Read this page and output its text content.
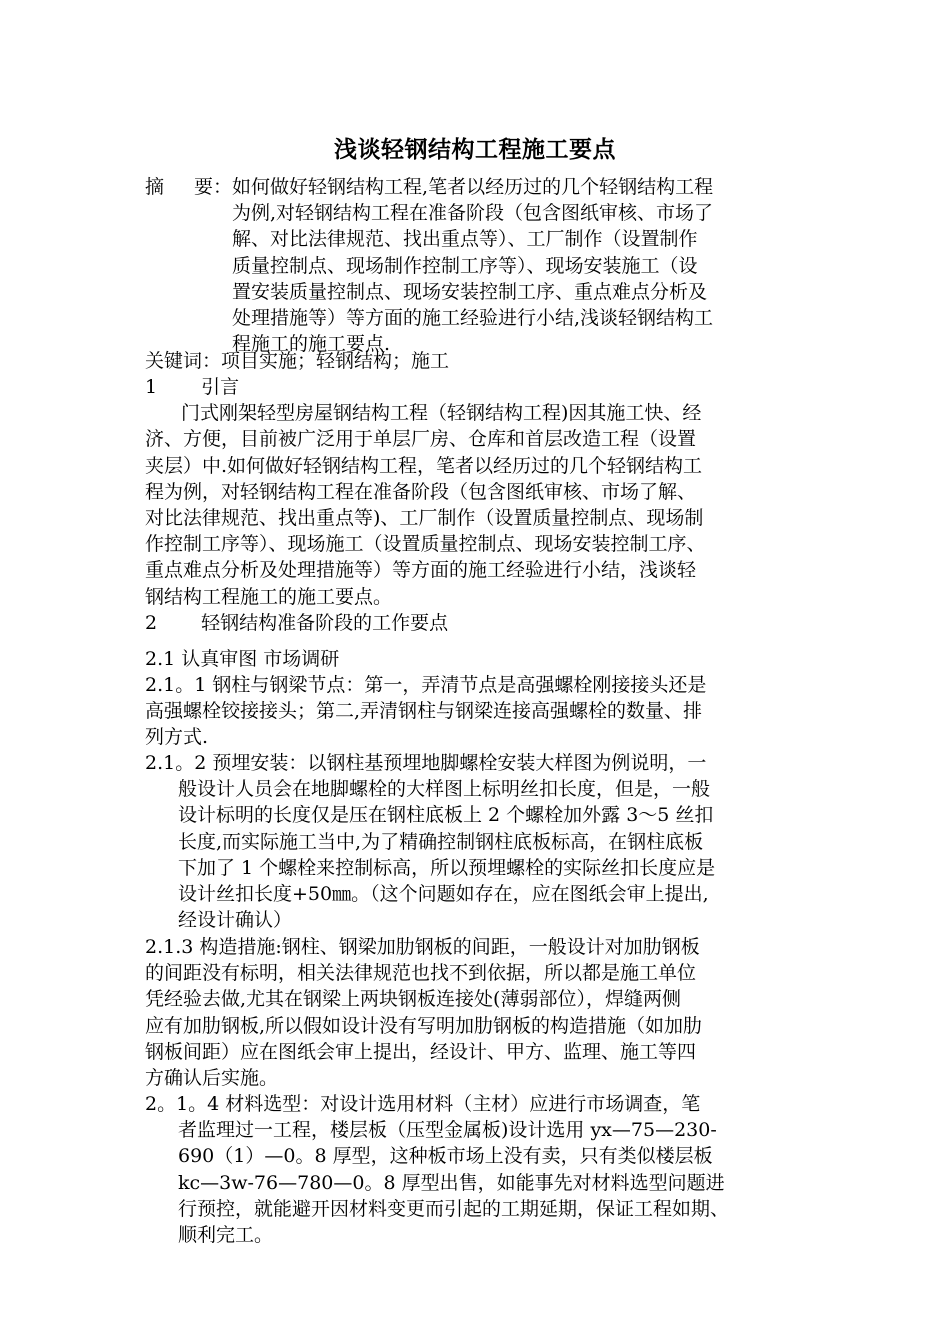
浅谈轻钢结构工程施工要点
摘 要：如何做好轻钢结构工程,笔者以经历过的几个轻钢结构工程
为例,对轻钢结构工程在准备阶段（包含图纸审核、市场了
解、对比法律规范、找出重点等）、工厂制作（设置制作
质量控制点、现场制作控制工序等）、现场安装施工（设
置安装质量控制点、现场安装控制工序、重点难点分析及
处理措施等）等方面的施工经验进行小结,浅谈轻钢结构工
程施工的施工要点.
关键词：项目实施；轻钢结构；施工
1 引言
门式刚架轻型房屋钢结构工程（轻钢结构工程)因其施工快、经
济、方便，目前被广泛用于单层厂房、仓库和首层改造工程（设置
夹层）中.如何做好轻钢结构工程，笔者以经历过的几个轻钢结构工
程为例，对轻钢结构工程在准备阶段（包含图纸审核、市场了解、
对比法律规范、找出重点等)、工厂制作（设置质量控制点、现场制
作控制工序等）、现场施工（设置质量控制点、现场安装控制工序、
重点难点分析及处理措施等）等方面的施工经验进行小结，浅谈轻
钢结构工程施工的施工要点。
2 轻钢结构准备阶段的工作要点
2.1 认真审图 市场调研
2.1。1 钢柱与钢梁节点：第一，弄清节点是高强螺栓刚接接头还是
高强螺栓铰接接头；第二,弄清钢柱与钢梁连接高强螺栓的数量、排
列方式.
2.1。2 预埋安装：以钢柱基预埋地脚螺栓安装大样图为例说明，一
般设计人员会在地脚螺栓的大样图上标明丝扣长度，但是，一般
设计标明的长度仅是压在钢柱底板上 2 个螺栓加外露 3～5 丝扣
长度,而实际施工当中,为了精确控制钢柱底板标高，在钢柱底板
下加了 1 个螺栓来控制标高，所以预埋螺栓的实际丝扣长度应是
设计丝扣长度+50㎜。（这个问题如存在，应在图纸会审上提出,
经设计确认）
2.1.3 构造措施:钢柱、钢梁加肋钢板的间距，一般设计对加肋钢板
的间距没有标明，相关法律规范也找不到依据，所以都是施工单位
凭经验去做,尤其在钢梁上两块钢板连接处(薄弱部位），焊缝两侧
应有加肋钢板,所以假如设计没有写明加肋钢板的构造措施（如加肋
钢板间距）应在图纸会审上提出，经设计、甲方、监理、施工等四
方确认后实施。
2。1。4 材料选型：对设计选用材料（主材）应进行市场调查，笔
者监理过一工程，楼层板（压型金属板)设计选用 yx—75—230-
690（1）—0。8 厚型，这种板市场上没有卖，只有类似楼层板
kc—3w-76—780—0。8 厚型出售，如能事先对材料选型问题进
行预控，就能避开因材料变更而引起的工期延期，保证工程如期、
顺利完工。
